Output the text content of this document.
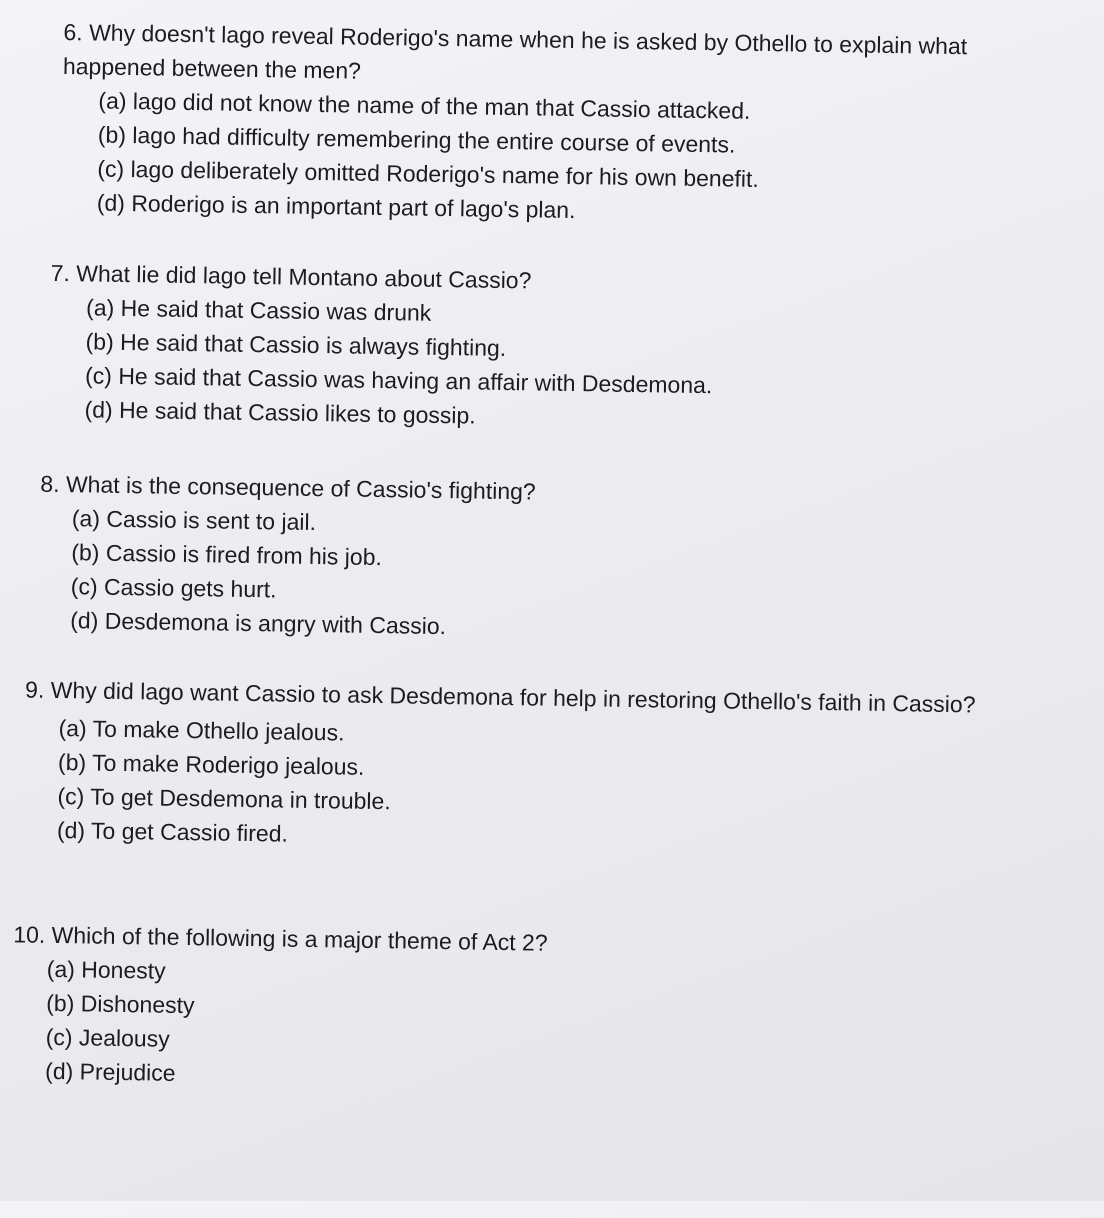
6. Why doesn't lago reveal Roderigo's name when he is asked by Othello to explain what happened between the men?

(a) lago did not know the name of the man that Cassio attacked.
(b) lago had difficulty remembering the entire course of events.
(c) lago deliberately omitted Roderigo's name for his own benefit.
(d) Roderigo is an important part of lago's plan.

7. What lie did lago tell Montano about Cassio?

(a) He said that Cassio was drunk
(b) He said that Cassio is always fighting.
(c) He said that Cassio was having an affair with Desdemona.
(d) He said that Cassio likes to gossip.

8. What is the consequence of Cassio's fighting?

(a) Cassio is sent to jail.
(b) Cassio is fired from his job.
(c) Cassio gets hurt.
(d) Desdemona is angry with Cassio.

9. Why did lago want Cassio to ask Desdemona for help in restoring Othello's faith in Cassio?

(a) To make Othello jealous.
(b) To make Roderigo jealous.
(c) To get Desdemona in trouble.
(d) To get Cassio fired.

10. Which of the following is a major theme of Act 2?

(a) Honesty
(b) Dishonesty
(c) Jealousy
(d) Prejudice
